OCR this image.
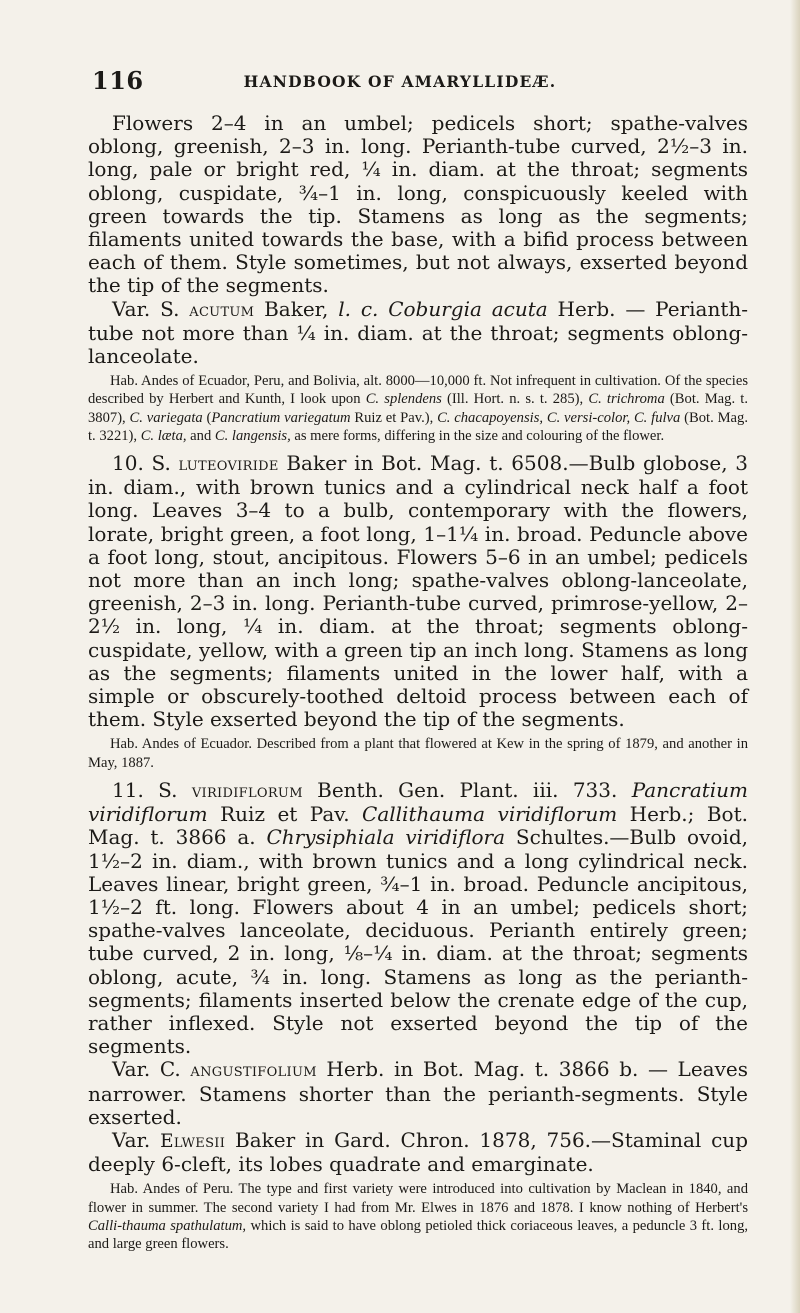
116	HANDBOOK OF AMARYLLIDEÆ.

Flowers 2–4 in an umbel; pedicels short; spathe-valves oblong, greenish, 2–3 in. long. Perianth-tube curved, 2½–3 in. long, pale or bright red, ¼ in. diam. at the throat; segments oblong, cuspidate, ¾–1 in. long, conspicuously keeled with green towards the tip. Stamens as long as the segments; filaments united towards the base, with a bifid process between each of them. Style sometimes, but not always, exserted beyond the tip of the segments.

Var. S. acutum Baker, l. c. Coburgia acuta Herb. — Perianth-tube not more than ¼ in. diam. at the throat; segments oblong-lanceolate.

Hab. Andes of Ecuador, Peru, and Bolivia, alt. 8000—10,000 ft. Not infrequent in cultivation. Of the species described by Herbert and Kunth, I look upon C. splendens (Ill. Hort. n. s. t. 285), C. trichroma (Bot. Mag. t. 3807), C. variegata (Pancratium variegatum Ruiz et Pav.), C. chacapoyensis, C. versi-color, C. fulva (Bot. Mag. t. 3221), C. læta, and C. langensis, as mere forms, differing in the size and colouring of the flower.

10. S. luteoviride Baker in Bot. Mag. t. 6508.—Bulb globose, 3 in. diam., with brown tunics and a cylindrical neck half a foot long. Leaves 3–4 to a bulb, contemporary with the flowers, lorate, bright green, a foot long, 1–1¼ in. broad. Peduncle above a foot long, stout, ancipitous. Flowers 5–6 in an umbel; pedicels not more than an inch long; spathe-valves oblong-lanceolate, greenish, 2–3 in. long. Perianth-tube curved, primrose-yellow, 2–2½ in. long, ¼ in. diam. at the throat; segments oblong-cuspidate, yellow, with a green tip an inch long. Stamens as long as the segments; filaments united in the lower half, with a simple or obscurely-toothed deltoid process between each of them. Style exserted beyond the tip of the segments.

Hab. Andes of Ecuador. Described from a plant that flowered at Kew in the spring of 1879, and another in May, 1887.

11. S. viridiflorum Benth. Gen. Plant. iii. 733. Pancratium viridiflorum Ruiz et Pav. Callithauma viridiflorum Herb.; Bot. Mag. t. 3866 a. Chrysiphiala viridiflora Schultes.—Bulb ovoid, 1½–2 in. diam., with brown tunics and a long cylindrical neck. Leaves linear, bright green, ¾–1 in. broad. Peduncle ancipitous, 1½–2 ft. long. Flowers about 4 in an umbel; pedicels short; spathe-valves lanceolate, deciduous. Perianth entirely green; tube curved, 2 in. long, ⅛–¼ in. diam. at the throat; segments oblong, acute, ¾ in. long. Stamens as long as the perianth-segments; filaments inserted below the crenate edge of the cup, rather inflexed. Style not exserted beyond the tip of the segments.

Var. C. angustifolium Herb. in Bot. Mag. t. 3866 b. — Leaves narrower. Stamens shorter than the perianth-segments. Style exserted.

Var. Elwesii Baker in Gard. Chron. 1878, 756.—Staminal cup deeply 6-cleft, its lobes quadrate and emarginate.

Hab. Andes of Peru. The type and first variety were introduced into cultivation by Maclean in 1840, and flower in summer. The second variety I had from Mr. Elwes in 1876 and 1878. I know nothing of Herbert's Calli-thauma spathulatum, which is said to have oblong petioled thick coriaceous leaves, a peduncle 3 ft. long, and large green flowers.
